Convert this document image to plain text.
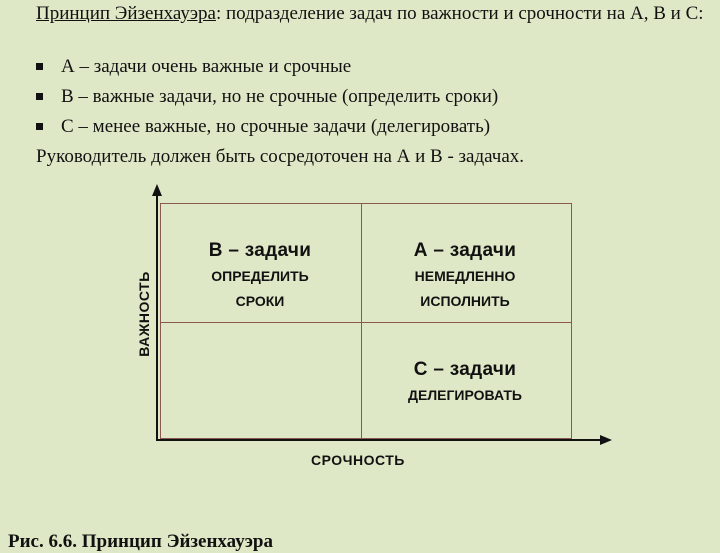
Принцип Эйзенхауэра: подразделение задач по важности и срочности на А, В и С:
А – задачи очень важные и срочные
В – важные задачи, но не срочные (определить сроки)
С – менее важные, но срочные задачи (делегировать)
Руководитель должен быть сосредоточен на А и В - задачах.
В – задачи
ОПРЕДЕЛИТЬ
СРОКИ
А – задачи
НЕМЕДЛЕННО
ИСПОЛНИТЬ
С – задачи
ДЕЛЕГИРОВАТЬ
СРОЧНОСТЬ
ВАЖНОСТЬ
Рис. 6.6. Принцип Эйзенхауэра
